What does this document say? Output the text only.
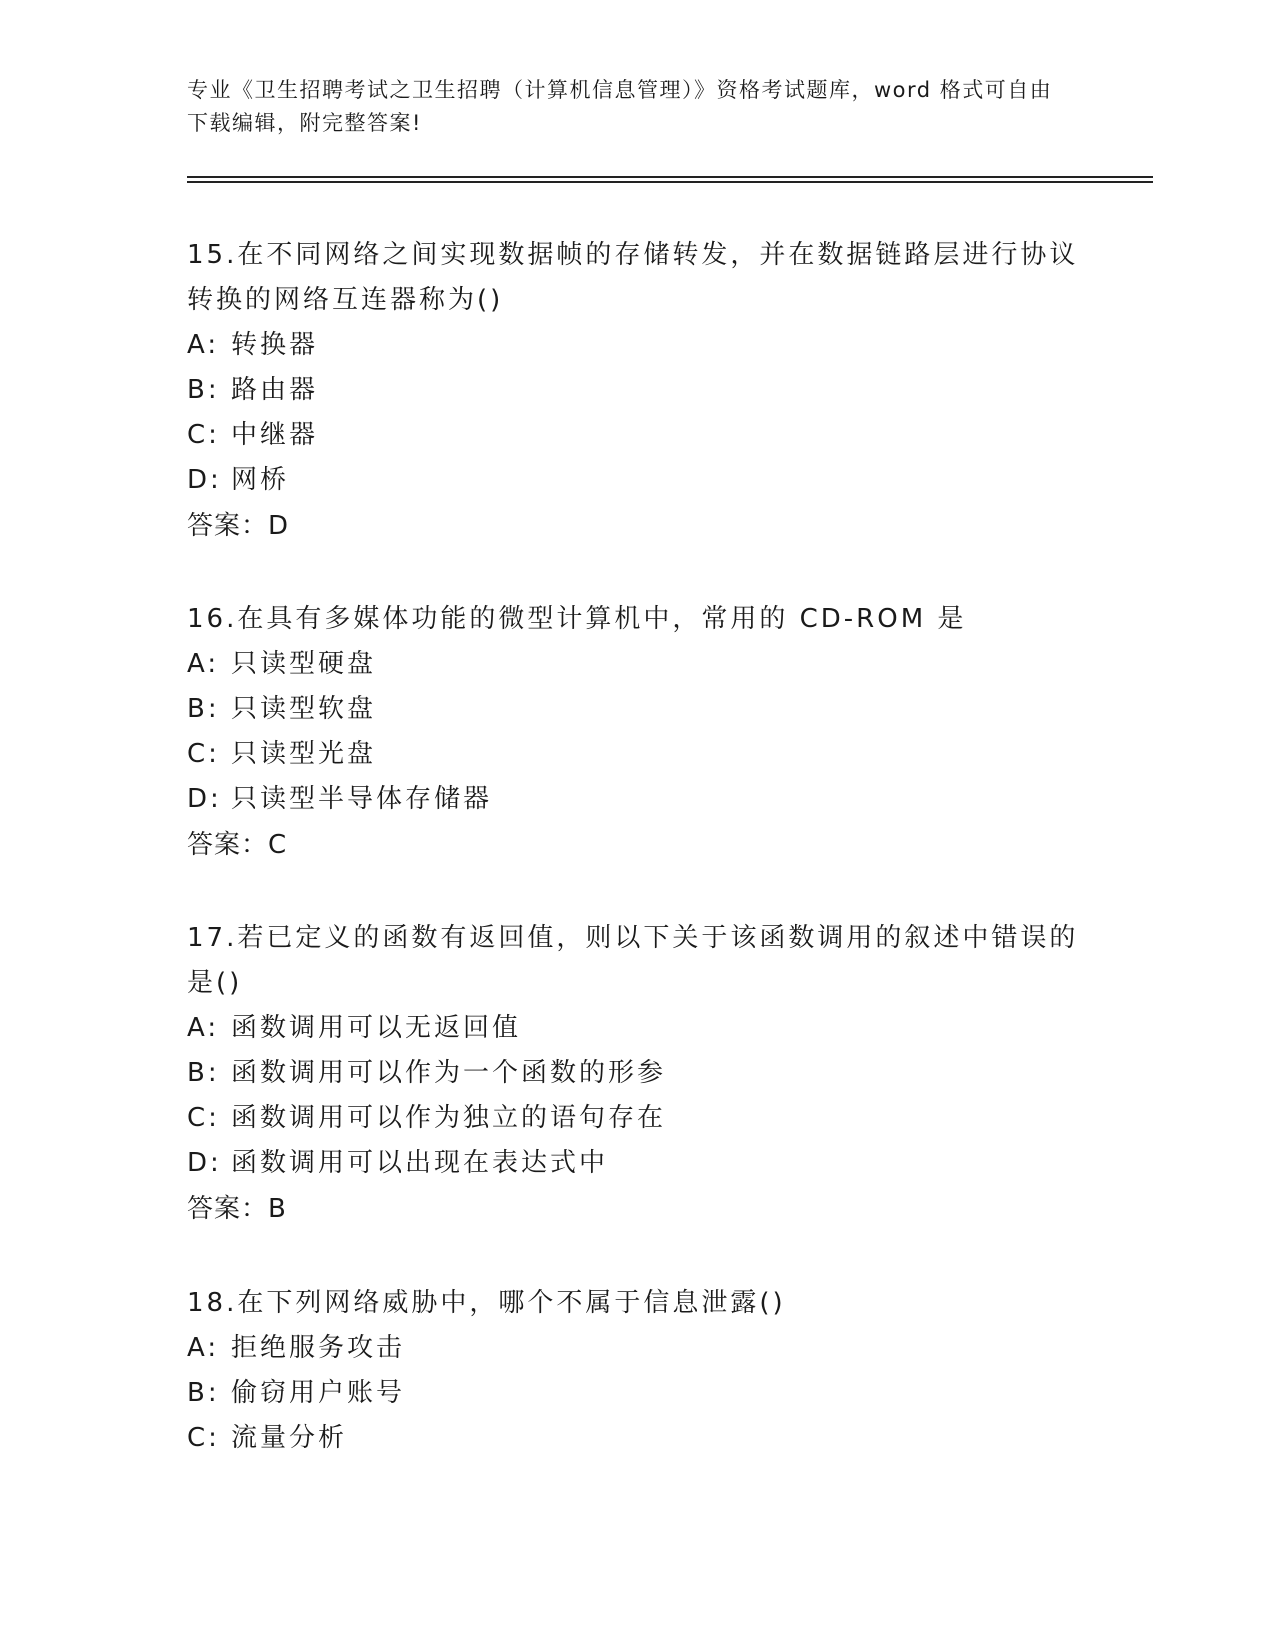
专业《卫生招聘考试之卫生招聘（计算机信息管理）》资格考试题库，word 格式可自由下载编辑，附完整答案!
15.在不同网络之间实现数据帧的存储转发，并在数据链路层进行协议转换的网络互连器称为()
A: 转换器
B: 路由器
C: 中继器
D: 网桥
答案：D
16.在具有多媒体功能的微型计算机中，常用的 CD-ROM 是
A: 只读型硬盘
B: 只读型软盘
C: 只读型光盘
D: 只读型半导体存储器
答案：C
17.若已定义的函数有返回值，则以下关于该函数调用的叙述中错误的是()
A: 函数调用可以无返回值
B: 函数调用可以作为一个函数的形参
C: 函数调用可以作为独立的语句存在
D: 函数调用可以出现在表达式中
答案：B
18.在下列网络威胁中，哪个不属于信息泄露()
A: 拒绝服务攻击
B: 偷窃用户账号
C: 流量分析
